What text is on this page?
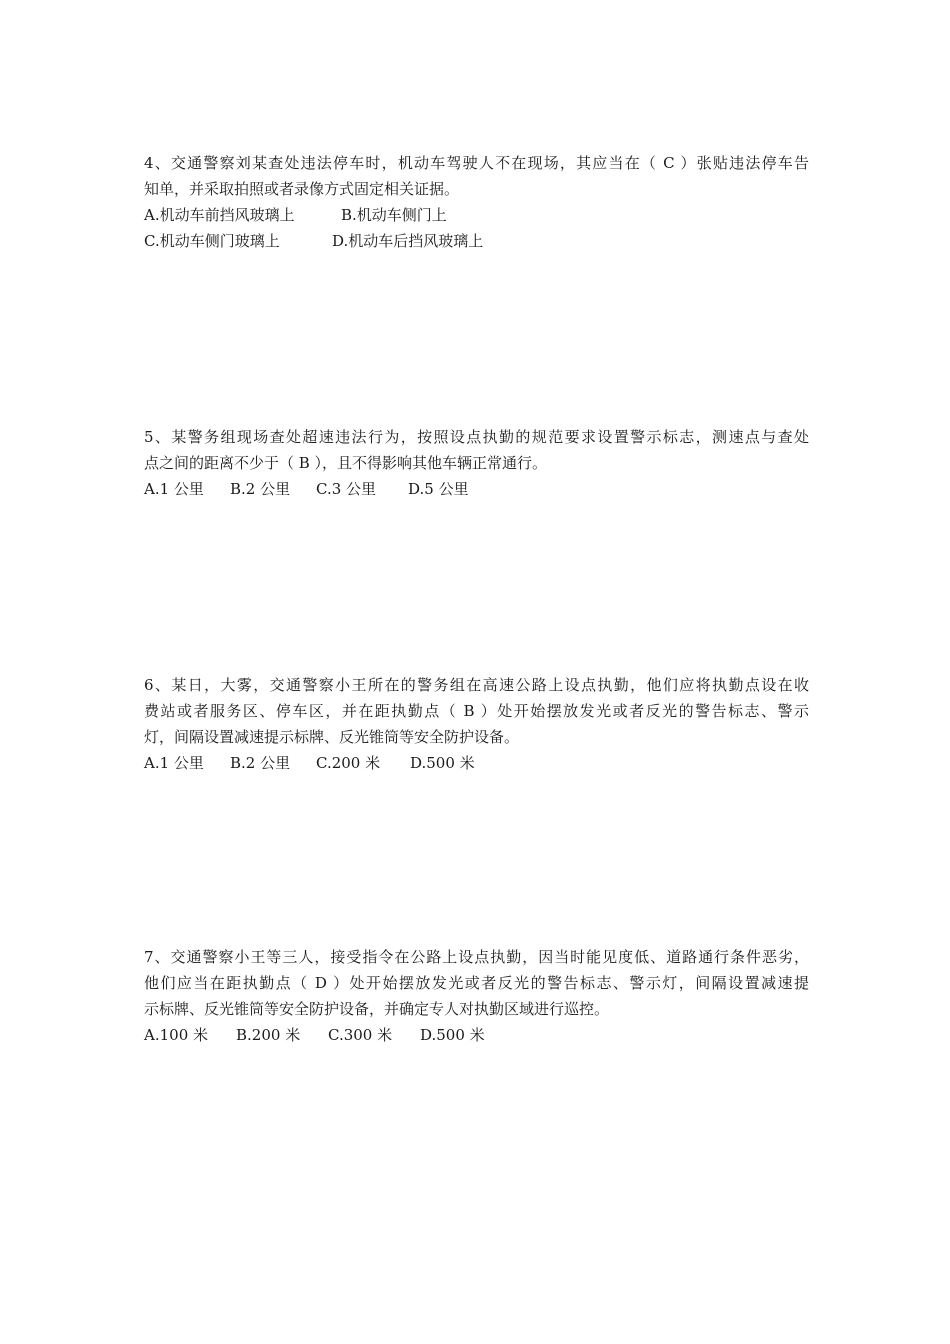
4、交通警察刘某查处违法停车时，机动车驾驶人不在现场，其应当在（ C ）张贴违法停车告
知单，并采取拍照或者录像方式固定相关证据。
A.机动车前挡风玻璃上	B.机动车侧门上
C.机动车侧门玻璃上	D.机动车后挡风玻璃上
5、某警务组现场查处超速违法行为，按照设点执勤的规范要求设置警示标志，测速点与查处
点之间的距离不少于（ B ），且不得影响其他车辆正常通行。
A.1 公里 B.2 公里 C.3 公里 D.5 公里
6、某日，大雾，交通警察小王所在的警务组在高速公路上设点执勤，他们应将执勤点设在收
费站或者服务区、停车区，并在距执勤点（ B ）处开始摆放发光或者反光的警告标志、警示
灯，间隔设置减速提示标牌、反光锥筒等安全防护设备。
A.1 公里 B.2 公里 C.200 米 D.500 米
7、交通警察小王等三人，接受指令在公路上设点执勤，因当时能见度低、道路通行条件恶劣，
他们应当在距执勤点（ D ）处开始摆放发光或者反光的警告标志、警示灯，间隔设置减速提
示标牌、反光锥筒等安全防护设备，并确定专人对执勤区域进行巡控。
A.100 米 B.200 米 C.300 米 D.500 米
